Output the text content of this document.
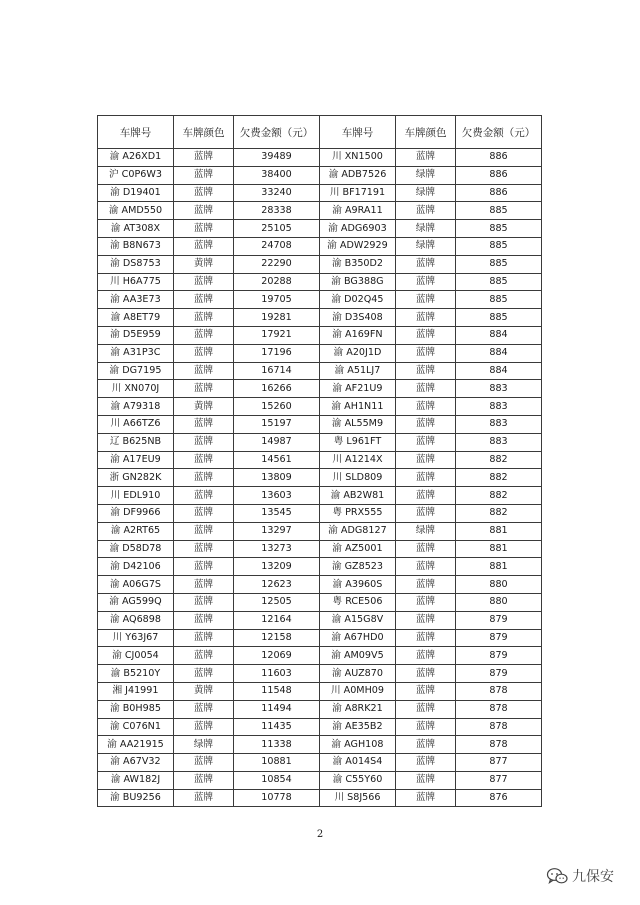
车牌号	车牌颜色	欠费金额（元）	车牌号	车牌颜色	欠费金额（元）
渝 A26XD1	蓝牌	39489	川 XN1500	蓝牌	886
沪 C0P6W3	蓝牌	38400	渝 ADB7526	绿牌	886
渝 D19401	蓝牌	33240	川 BF17191	绿牌	886
渝 AMD550	蓝牌	28338	渝 A9RA11	蓝牌	885
渝 AT308X	蓝牌	25105	渝 ADG6903	绿牌	885
渝 B8N673	蓝牌	24708	渝 ADW2929	绿牌	885
渝 DS8753	黄牌	22290	渝 B350D2	蓝牌	885
川 H6A775	蓝牌	20288	渝 BG388G	蓝牌	885
渝 AA3E73	蓝牌	19705	渝 D02Q45	蓝牌	885
渝 A8ET79	蓝牌	19281	渝 D3S408	蓝牌	885
渝 D5E959	蓝牌	17921	渝 A169FN	蓝牌	884
渝 A31P3C	蓝牌	17196	渝 A20J1D	蓝牌	884
渝 DG7195	蓝牌	16714	渝 A51LJ7	蓝牌	884
川 XN070J	蓝牌	16266	渝 AF21U9	蓝牌	883
渝 A79318	黄牌	15260	渝 AH1N11	蓝牌	883
川 A66TZ6	蓝牌	15197	渝 AL55M9	蓝牌	883
辽 B625NB	蓝牌	14987	粤 L961FT	蓝牌	883
渝 A17EU9	蓝牌	14561	川 A1214X	蓝牌	882
浙 GN282K	蓝牌	13809	川 SLD809	蓝牌	882
川 EDL910	蓝牌	13603	渝 AB2W81	蓝牌	882
渝 DF9966	蓝牌	13545	粤 PRX555	蓝牌	882
渝 A2RT65	蓝牌	13297	渝 ADG8127	绿牌	881
渝 D58D78	蓝牌	13273	渝 AZ5001	蓝牌	881
渝 D42106	蓝牌	13209	渝 GZ8523	蓝牌	881
渝 A06G7S	蓝牌	12623	渝 A3960S	蓝牌	880
渝 AG599Q	蓝牌	12505	粤 RCE506	蓝牌	880
渝 AQ6898	蓝牌	12164	渝 A15G8V	蓝牌	879
川 Y63J67	蓝牌	12158	渝 A67HD0	蓝牌	879
渝 CJ0054	蓝牌	12069	渝 AM09V5	蓝牌	879
渝 B5210Y	蓝牌	11603	渝 AUZ870	蓝牌	879
湘 J41991	黄牌	11548	川 A0MH09	蓝牌	878
渝 B0H985	蓝牌	11494	渝 A8RK21	蓝牌	878
渝 C076N1	蓝牌	11435	渝 AE35B2	蓝牌	878
渝 AA21915	绿牌	11338	渝 AGH108	蓝牌	878
渝 A67V32	蓝牌	10881	渝 A014S4	蓝牌	877
渝 AW182J	蓝牌	10854	渝 C55Y60	蓝牌	877
渝 BU9256	蓝牌	10778	川 S8J566	蓝牌	876
2
九保安
